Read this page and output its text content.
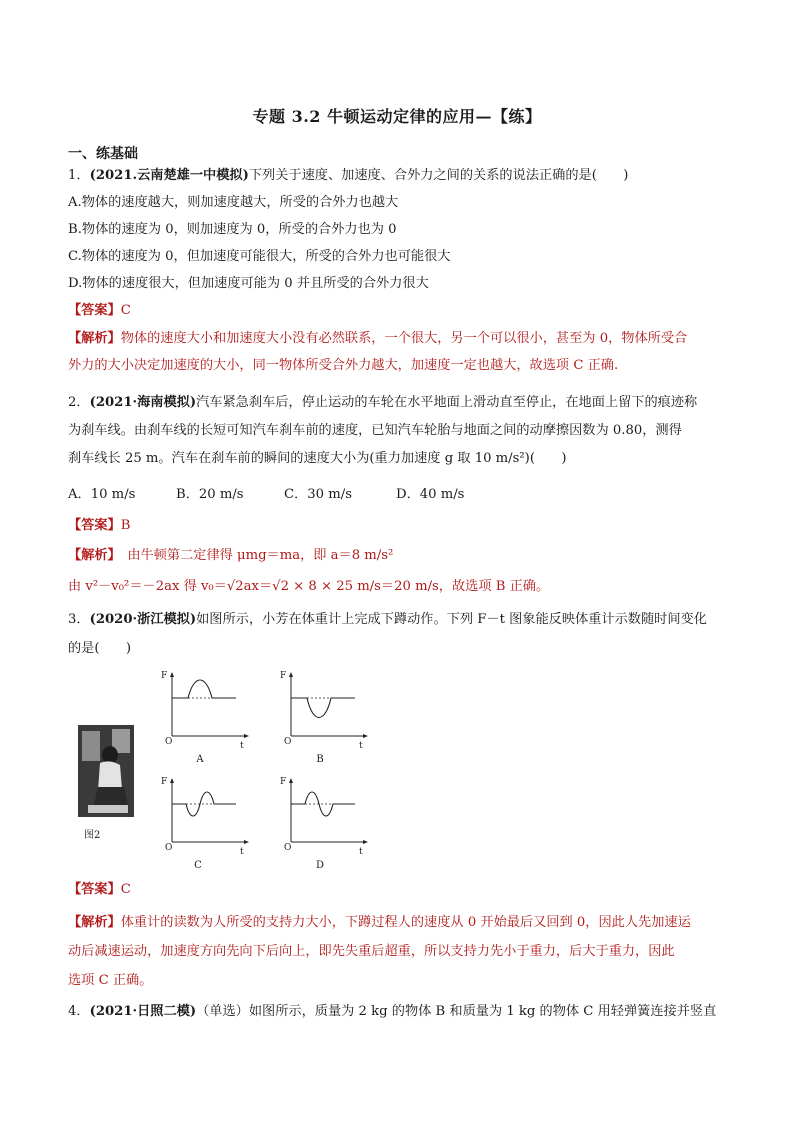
专题 3.2 牛顿运动定律的应用—【练】
一、练基础
1．(2021.云南楚雄一中模拟)下列关于速度、加速度、合外力之间的关系的说法正确的是(　　)
A.物体的速度越大，则加速度越大，所受的合外力也越大
B.物体的速度为 0，则加速度为 0，所受的合外力也为 0
C.物体的速度为 0，但加速度可能很大，所受的合外力也可能很大
D.物体的速度很大，但加速度可能为 0 并且所受的合外力很大
【答案】C
【解析】物体的速度大小和加速度大小没有必然联系，一个很大，另一个可以很小，甚至为 0，物体所受合
外力的大小决定加速度的大小，同一物体所受合外力越大，加速度一定也越大，故选项 C 正确.
2．(2021·海南模拟)汽车紧急刹车后，停止运动的车轮在水平地面上滑动直至停止，在地面上留下的痕迹称
为刹车线。由刹车线的长短可知汽车刹车前的速度，已知汽车轮胎与地面之间的动摩擦因数为 0.80，测得
刹车线长 25 m。汽车在刹车前的瞬间的速度大小为(重力加速度 g 取 10 m/s²)(　　)
A．10 m/s	B．20 m/s	C．30 m/s	D．40 m/s
【答案】B
【解析】　由牛顿第二定律得 μmg＝ma，即 a＝8 m/s²
由 v²－v₀²＝－2ax 得 v₀＝√2ax＝√2 × 8 × 25 m/s＝20 m/s，故选项 B 正确。
3．(2020·浙江模拟)如图所示，小芳在体重计上完成下蹲动作。下列 F－t 图象能反映体重计示数随时间变化
的是(　　)
图2
F
O	t
A
F
O	t
B
F
O	t
C
F
O	t
D
【答案】C
【解析】体重计的读数为人所受的支持力大小，下蹲过程人的速度从 0 开始最后又回到 0，因此人先加速运
动后减速运动，加速度方向先向下后向上，即先失重后超重，所以支持力先小于重力，后大于重力，因此
选项 C 正确。
4．(2021·日照二模)（单选）如图所示，质量为 2 kg 的物体 B 和质量为 1 kg 的物体 C 用轻弹簧连接并竖直
